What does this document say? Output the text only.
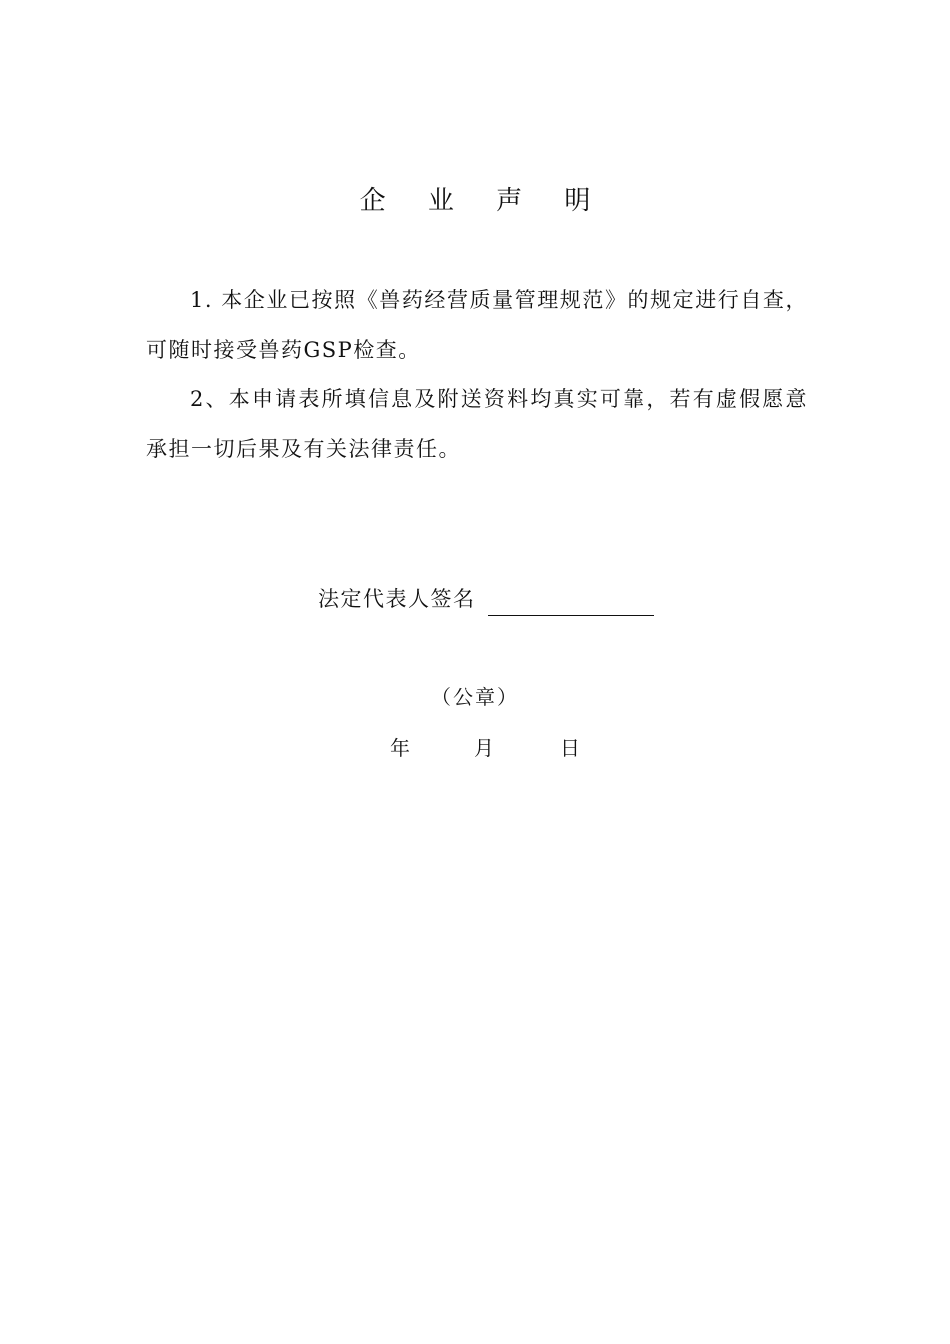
企 业 声 明

1. 本企业已按照《兽药经营质量管理规范》的规定进行自查，可随时接受兽药GSP检查。

2、本申请表所填信息及附送资料均真实可靠，若有虚假愿意承担一切后果及有关法律责任。

法定代表人签名
（公章）
年	月	日
